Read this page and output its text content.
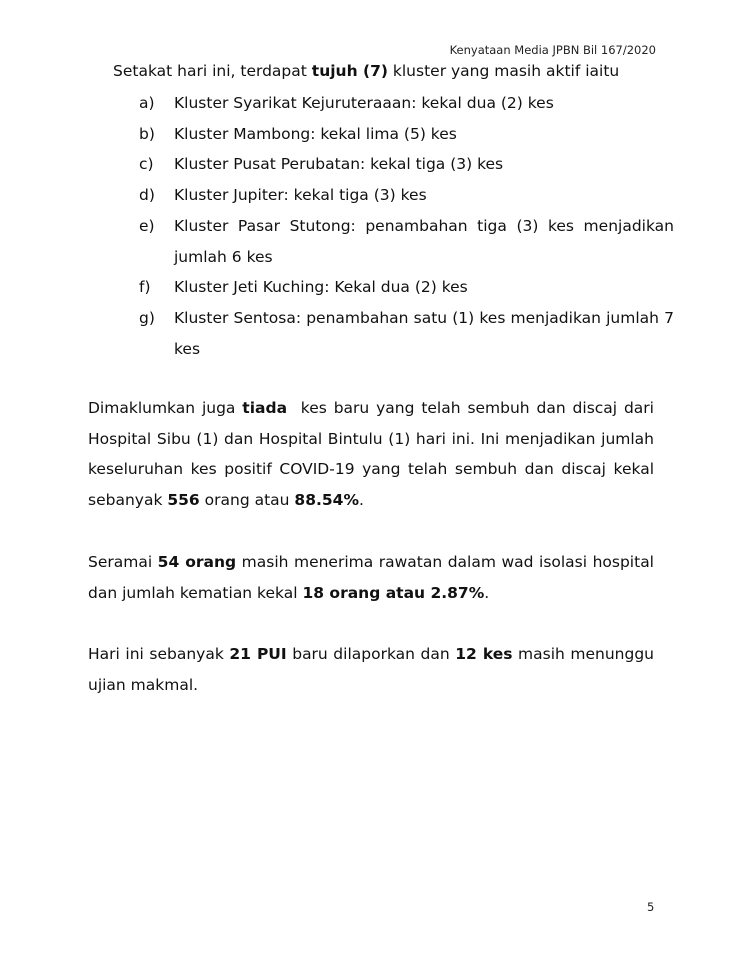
Kenyataan Media JPBN Bil 167/2020
Setakat hari ini, terdapat tujuh (7) kluster yang masih aktif iaitu
a) Kluster Syarikat Kejuruteraaan: kekal dua (2) kes
b) Kluster Mambong: kekal lima (5) kes
c) Kluster Pusat Perubatan: kekal tiga (3) kes
d) Kluster Jupiter: kekal tiga (3) kes
e) Kluster Pasar Stutong: penambahan tiga (3) kes menjadikan jumlah 6 kes
f) Kluster Jeti Kuching: Kekal dua (2) kes
g) Kluster Sentosa: penambahan satu (1) kes menjadikan jumlah 7 kes

Dimaklumkan juga tiada  kes baru yang telah sembuh dan discaj dari Hospital Sibu (1) dan Hospital Bintulu (1) hari ini. Ini menjadikan jumlah keseluruhan kes positif COVID-19 yang telah sembuh dan discaj kekal sebanyak 556 orang atau 88.54%.

Seramai 54 orang masih menerima rawatan dalam wad isolasi hospital dan jumlah kematian kekal 18 orang atau 2.87%.

Hari ini sebanyak 21 PUI baru dilaporkan dan 12 kes masih menunggu ujian makmal.

5
